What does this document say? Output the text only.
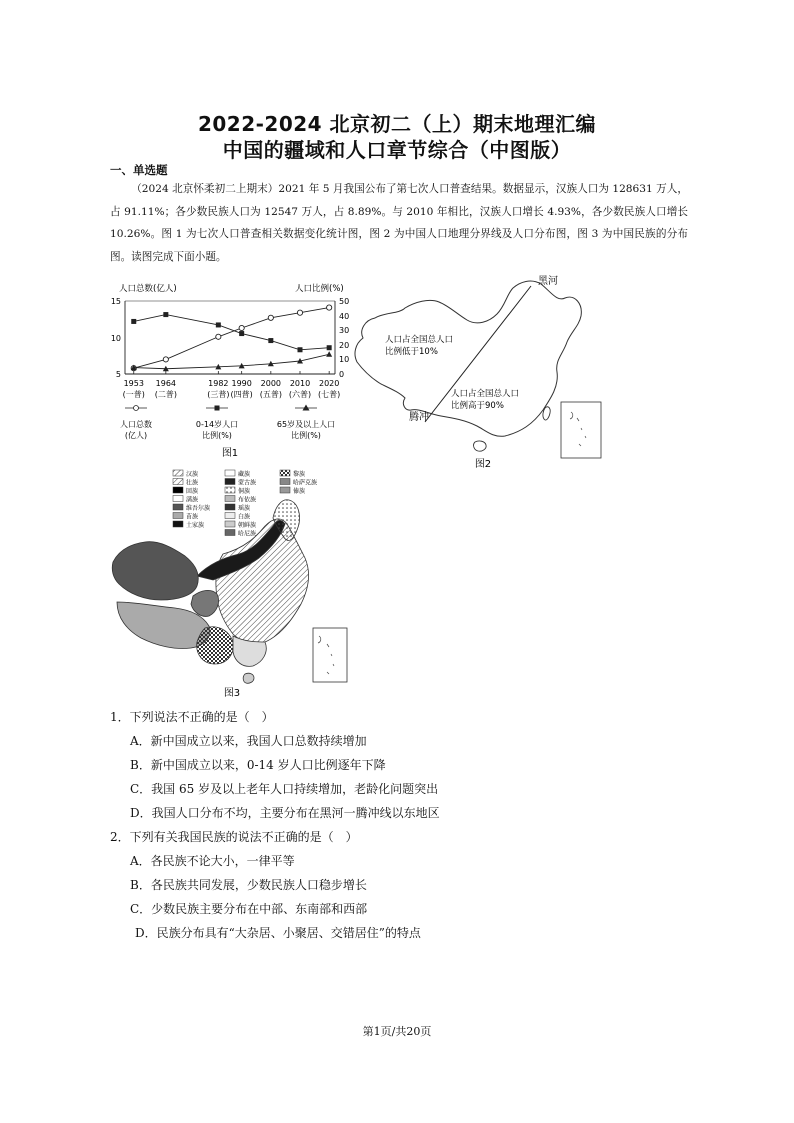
2022-2024 北京初二（上）期末地理汇编
中国的疆域和人口章节综合（中图版）
一、单选题

（2024 北京怀柔初二上期末）2021 年 5 月我国公布了第七次人口普查结果。数据显示，汉族人口为 128631 万人，占 91.11%；各少数民族人口为 12547 万人，占 8.89%。与 2010 年相比，汉族人口增长 4.93%，各少数民族人口增长 10.26%。图 1 为七次人口普查相关数据变化统计图，图 2 为中国人口地理分界线及人口分布图，图 3 为中国民族的分布图。读图完成下面小题。

人口总数(亿人)	人口比例(%)
15
10
5
50
40
30
20
10
0
1953
(一普)
1964
(二普)
1982
(三普)
1990
(四普)
2000
(五普)
2010
(六普)
2020
(七普)
人口总数
(亿人)
0-14岁人口
比例(%)
65岁及以上人口
比例(%)
图1
黑河
腾冲
人口占全国总人口
比例低于10%
人口占全国总人口
比例高于90%
图2
汉族	藏族	黎族
壮族	蒙古族	哈萨克族
回族	侗族	傣族
满族	布依族
维吾尔族	瑶族
苗族	白族
土家族	朝鲜族
哈尼族
图3
1．下列说法不正确的是（　）
A．新中国成立以来，我国人口总数持续增加
B．新中国成立以来，0-14 岁人口比例逐年下降
C．我国 65 岁及以上老年人口持续增加，老龄化问题突出
D．我国人口分布不均，主要分布在黑河一腾冲线以东地区
2．下列有关我国民族的说法不正确的是（　）
A．各民族不论大小，一律平等
B．各民族共同发展，少数民族人口稳步增长
C．少数民族主要分布在中部、东南部和西部
D．民族分布具有“大杂居、小聚居、交错居住”的特点
第1页/共20页
